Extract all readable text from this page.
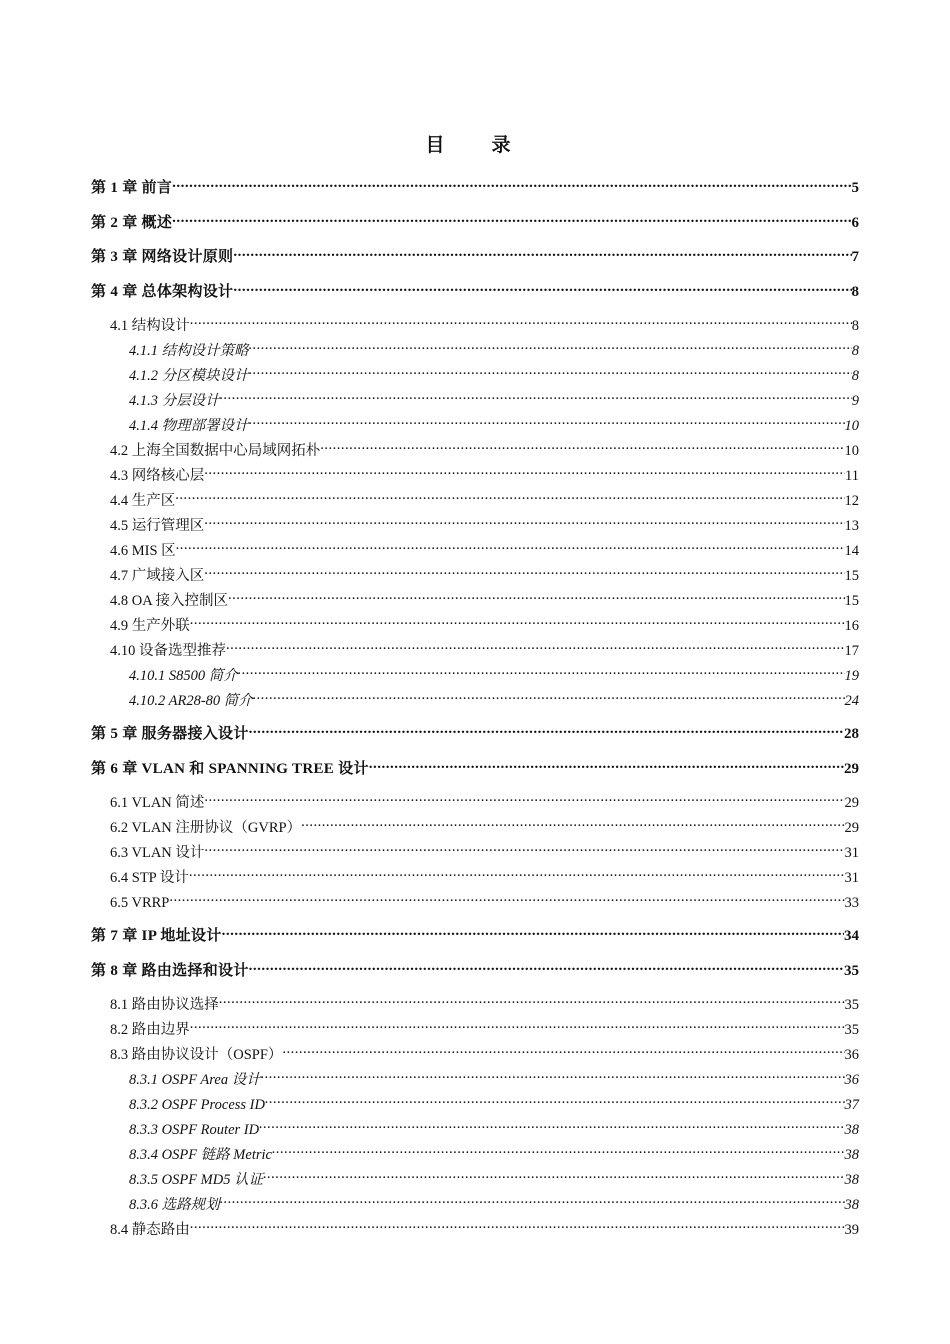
目　录
第 1 章 前言 .....	5
第 2 章 概述 .....	6
第 3 章 网络设计原则 .....	7
第 4 章 总体架构设计 .....	8
4.1 结构设计 .....	8
4.1.1 结构设计策略 .....	8
4.1.2 分区模块设计 .....	8
4.1.3 分层设计 .....	9
4.1.4 物理部署设计 .....	10
4.2 上海全国数据中心局域网拓朴 .....	10
4.3 网络核心层 .....	11
4.4 生产区 .....	12
4.5 运行管理区 .....	13
4.6 MIS 区 .....	14
4.7 广域接入区 .....	15
4.8 OA 接入控制区 .....	15
4.9 生产外联 .....	16
4.10 设备选型推荐 .....	17
4.10.1 S8500 简介 .....	19
4.10.2 AR28-80 简介 .....	24
第 5 章 服务器接入设计 .....	28
第 6 章 VLAN 和 SPANNING TREE 设计 .....	29
6.1 VLAN 简述 .....	29
6.2 VLAN 注册协议（GVRP） .....	29
6.3 VLAN 设计 .....	31
6.4 STP 设计 .....	31
6.5 VRRP .....	33
第 7 章 IP 地址设计 .....	34
第 8 章 路由选择和设计 .....	35
8.1 路由协议选择 .....	35
8.2 路由边界 .....	35
8.3 路由协议设计（OSPF） .....	36
8.3.1 OSPF Area 设计 .....	36
8.3.2 OSPF Process ID .....	37
8.3.3 OSPF Router ID .....	38
8.3.4 OSPF 链路 Metric .....	38
8.3.5 OSPF MD5 认证 .....	38
8.3.6 选路规划 .....	38
8.4 静态路由 .....	39
